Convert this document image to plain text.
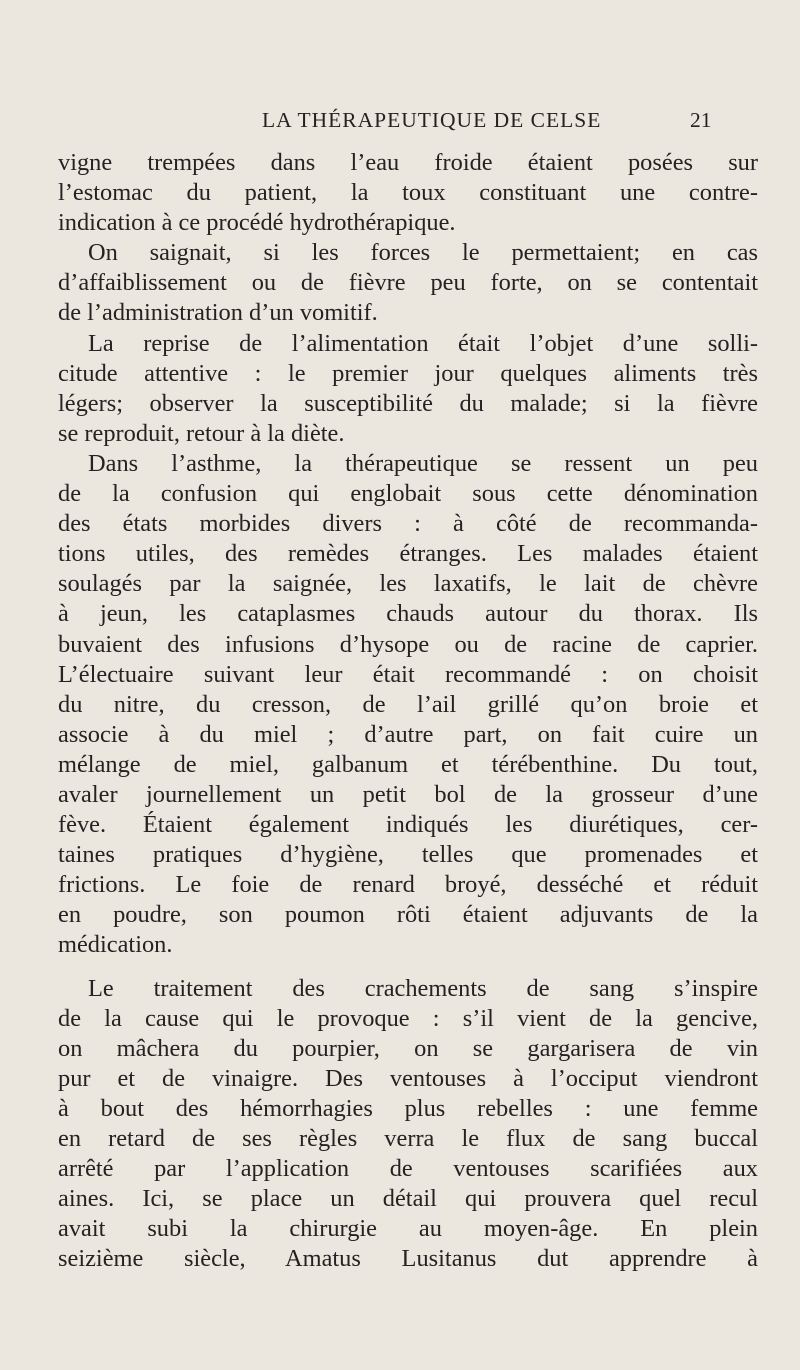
LA THÉRAPEUTIQUE DE CELSE	21
vigne trempées dans l’eau froide étaient posées sur
l’estomac du patient, la toux constituant une contre-
indication à ce procédé hydrothérapique.
On saignait, si les forces le permettaient; en cas
d’affaiblissement ou de fièvre peu forte, on se contentait
de l’administration d’un vomitif.
La reprise de l’alimentation était l’objet d’une solli-
citude attentive : le premier jour quelques aliments très
légers; observer la susceptibilité du malade; si la fièvre
se reproduit, retour à la diète.
Dans l’asthme, la thérapeutique se ressent un peu
de la confusion qui englobait sous cette dénomination
des états morbides divers : à côté de recommanda-
tions utiles, des remèdes étranges. Les malades étaient
soulagés par la saignée, les laxatifs, le lait de chèvre
à jeun, les cataplasmes chauds autour du thorax. Ils
buvaient des infusions d’hysope ou de racine de caprier.
L’électuaire suivant leur était recommandé : on choisit
du nitre, du cresson, de l’ail grillé qu’on broie et
associe à du miel ; d’autre part, on fait cuire un
mélange de miel, galbanum et térébenthine. Du tout,
avaler journellement un petit bol de la grosseur d’une
fève. Étaient également indiqués les diurétiques, cer-
taines pratiques d’hygiène, telles que promenades et
frictions. Le foie de renard broyé, desséché et réduit
en poudre, son poumon rôti étaient adjuvants de la
médication.
Le traitement des crachements de sang s’inspire
de la cause qui le provoque : s’il vient de la gencive,
on mâchera du pourpier, on se gargarisera de vin
pur et de vinaigre. Des ventouses à l’occiput viendront
à bout des hémorrhagies plus rebelles : une femme
en retard de ses règles verra le flux de sang buccal
arrêté par l’application de ventouses scarifiées aux
aines. Ici, se place un détail qui prouvera quel recul
avait subi la chirurgie au moyen-âge. En plein
seizième siècle, Amatus Lusitanus dut apprendre à
